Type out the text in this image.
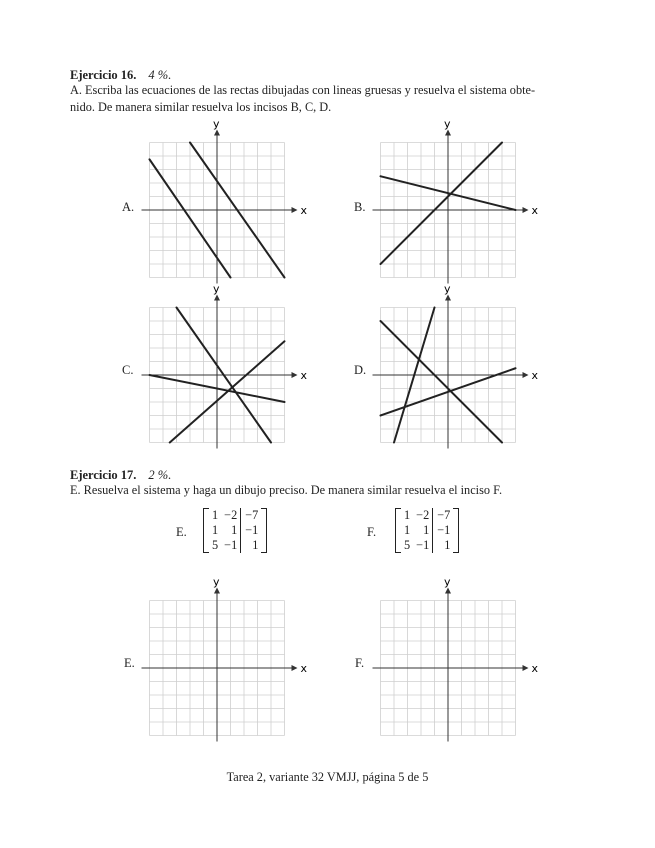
Ejercicio 16. 4 %.
A. Escriba las ecuaciones de las rectas dibujadas con lineas gruesas y resuelva el sistema obte-
nido. De manera similar resuelva los incisos B, C, D.
A.	x
y
B.	x
y
C.	x
y
D.	x
y
Ejercicio 17. 2 %.
E. Resuelva el sistema y haga un dibujo preciso. De manera similar resuelva el inciso F.
E.
1	−2	−7
1	1	−1
5	−1	1
F.
1	−2	−7
1	1	−1
5	−1	1
E.	x
y
F.	x
y
Tarea 2, variante 32 VMJJ, página 5 de 5
